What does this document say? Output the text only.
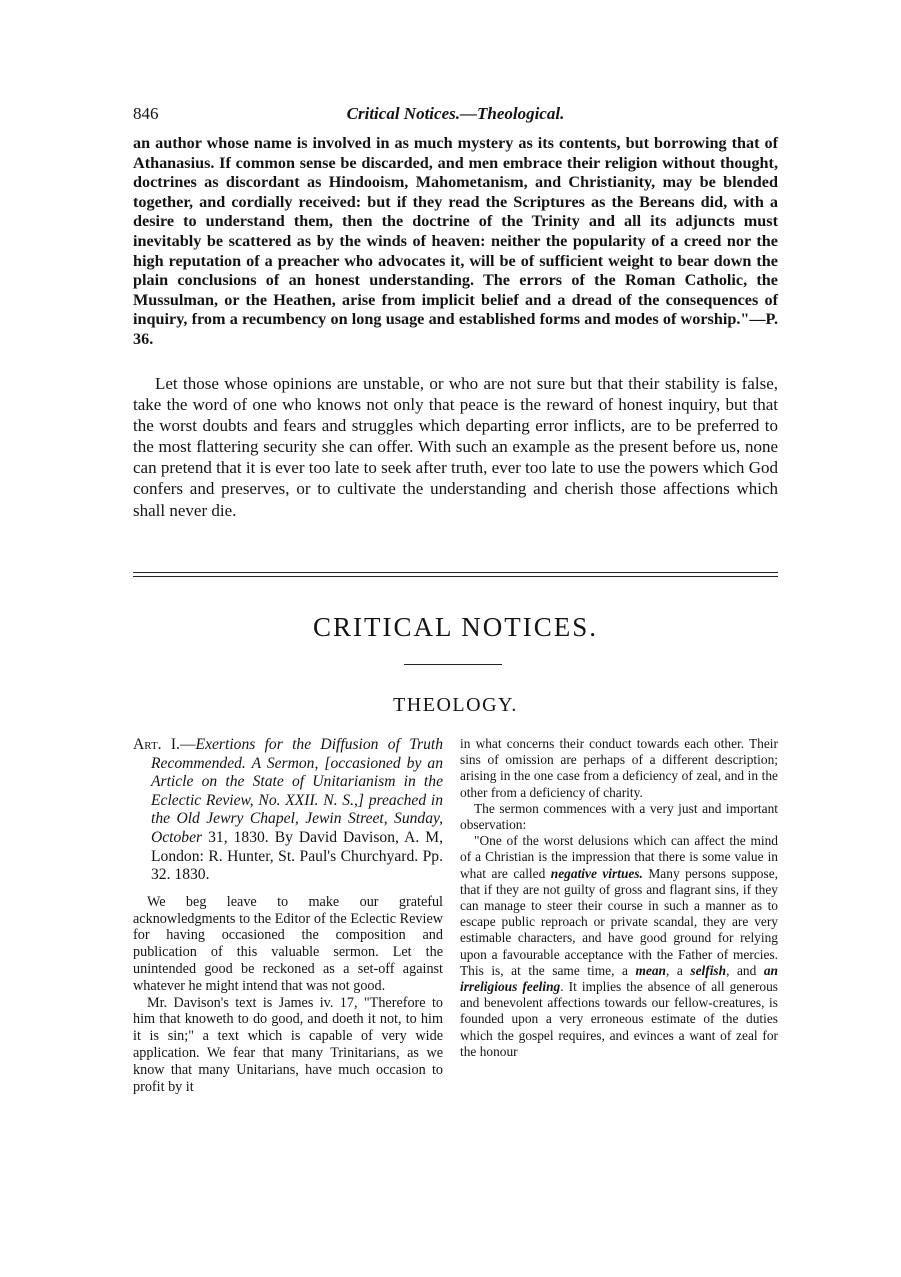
846	Critical Notices.—Theological.

an author whose name is involved in as much mystery as its contents, but borrowing that of Athanasius. If common sense be discarded, and men embrace their religion without thought, doctrines as discordant as Hindooism, Mahometanism, and Christianity, may be blended together, and cordially received: but if they read the Scriptures as the Bereans did, with a desire to understand them, then the doctrine of the Trinity and all its adjuncts must inevitably be scattered as by the winds of heaven: neither the popularity of a creed nor the high reputation of a preacher who advocates it, will be of sufficient weight to bear down the plain conclusions of an honest understanding. The errors of the Roman Catholic, the Mussulman, or the Heathen, arise from implicit belief and a dread of the consequences of inquiry, from a recumbency on long usage and established forms and modes of worship."—P. 36.

Let those whose opinions are unstable, or who are not sure but that their stability is false, take the word of one who knows not only that peace is the reward of honest inquiry, but that the worst doubts and fears and struggles which departing error inflicts, are to be preferred to the most flattering security she can offer. With such an example as the present before us, none can pretend that it is ever too late to seek after truth, ever too late to use the powers which God confers and preserves, or to cultivate the understanding and cherish those affections which shall never die.

CRITICAL NOTICES.
THEOLOGY.

Art. I.—Exertions for the Diffusion of Truth Recommended. A Sermon, [occasioned by an Article on the State of Unitarianism in the Eclectic Review, No. XXII. N. S.,] preached in the Old Jewry Chapel, Jewin Street, Sunday, October 31, 1830. By David Davison, A. M, London: R. Hunter, St. Paul's Churchyard. Pp. 32. 1830.

We beg leave to make our grateful acknowledgments to the Editor of the Eclectic Review for having occasioned the composition and publication of this valuable sermon. Let the unintended good be reckoned as a set-off against whatever he might intend that was not good.

Mr. Davison's text is James iv. 17, "Therefore to him that knoweth to do good, and doeth it not, to him it is sin;" a text which is capable of very wide application. We fear that many Trinitarians, as we know that many Unitarians, have much occasion to profit by it

in what concerns their conduct towards each other. Their sins of omission are perhaps of a different description; arising in the one case from a deficiency of zeal, and in the other from a deficiency of charity.

The sermon commences with a very just and important observation:

"One of the worst delusions which can affect the mind of a Christian is the impression that there is some value in what are called negative virtues. Many persons suppose, that if they are not guilty of gross and flagrant sins, if they can manage to steer their course in such a manner as to escape public reproach or private scandal, they are very estimable characters, and have good ground for relying upon a favourable acceptance with the Father of mercies. This is, at the same time, a mean, a selfish, and an irreligious feeling. It implies the absence of all generous and benevolent affections towards our fellow-creatures, is founded upon a very erroneous estimate of the duties which the gospel requires, and evinces a want of zeal for the honour
